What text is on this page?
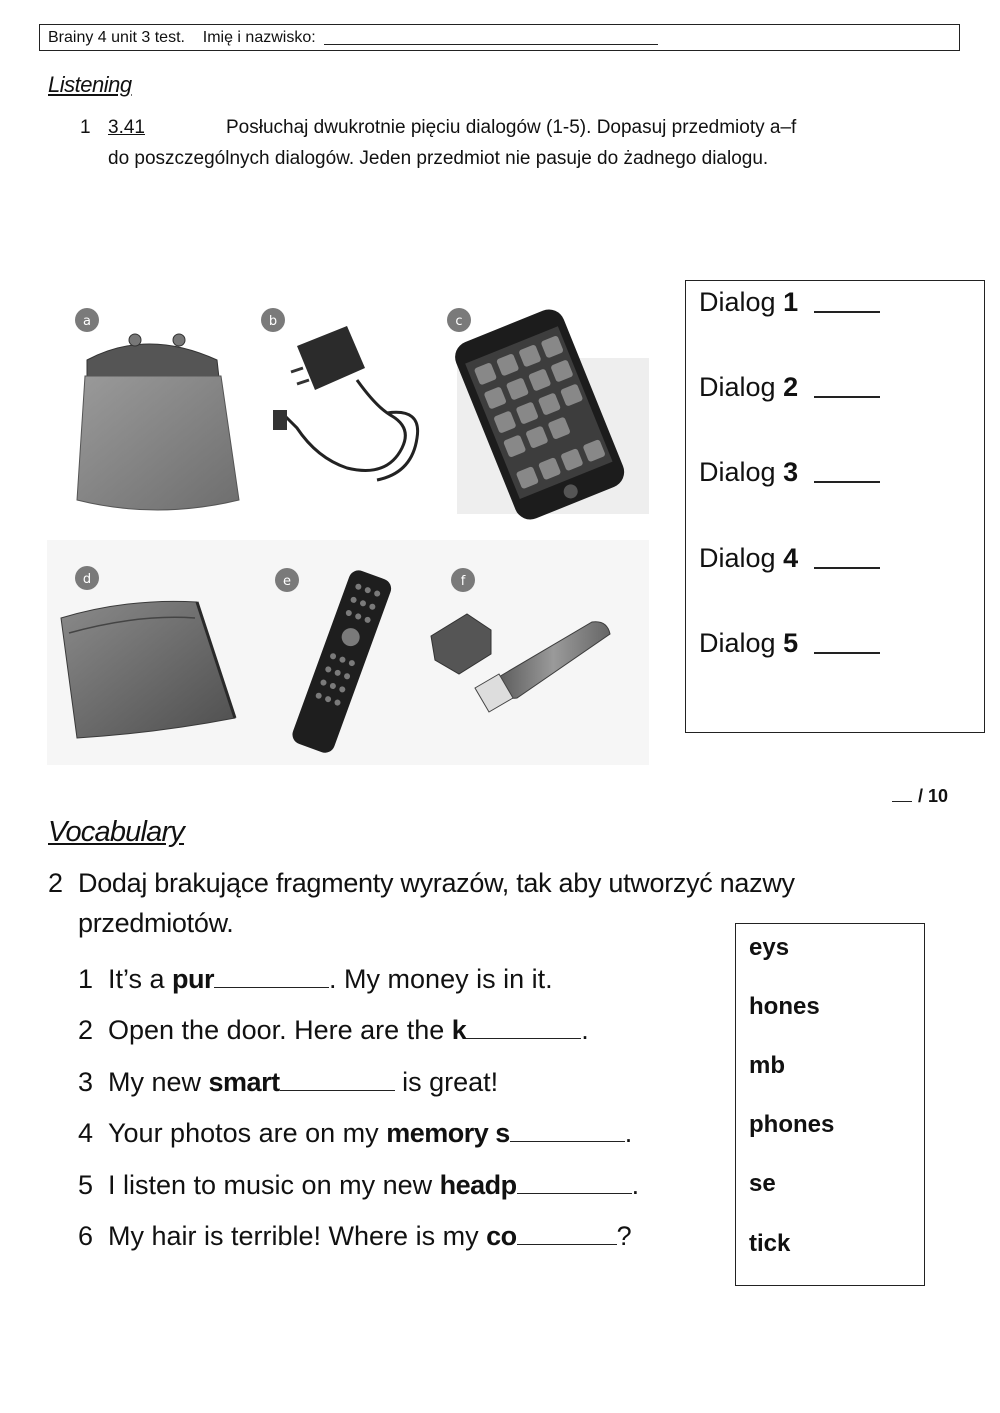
Brainy 4 unit 3 test. Imię i nazwisko:
Listening
1 3.41	Posłuchaj dwukrotnie pięciu dialogów (1-5). Dopasuj przedmioty a–f
do poszczególnych dialogów. Jeden przedmiot nie pasuje do żadnego dialogu.
a	b	c
d	e	f
Dialog 1
Dialog 2
Dialog 3
Dialog 4
Dialog 5
/ 10
Vocabulary
2 Dodaj brakujące fragmenty wyrazów, tak aby utworzyć nazwy
przedmiotów.
1 It’s a pur	. My money is in it.
2 Open the door. Here are the k	.
3 My new smart	is great!
4 Your photos are on my memory s	.
5 I listen to music on my new headp	.
6 My hair is terrible! Where is my co	?
eys
hones
mb
phones
se
tick
